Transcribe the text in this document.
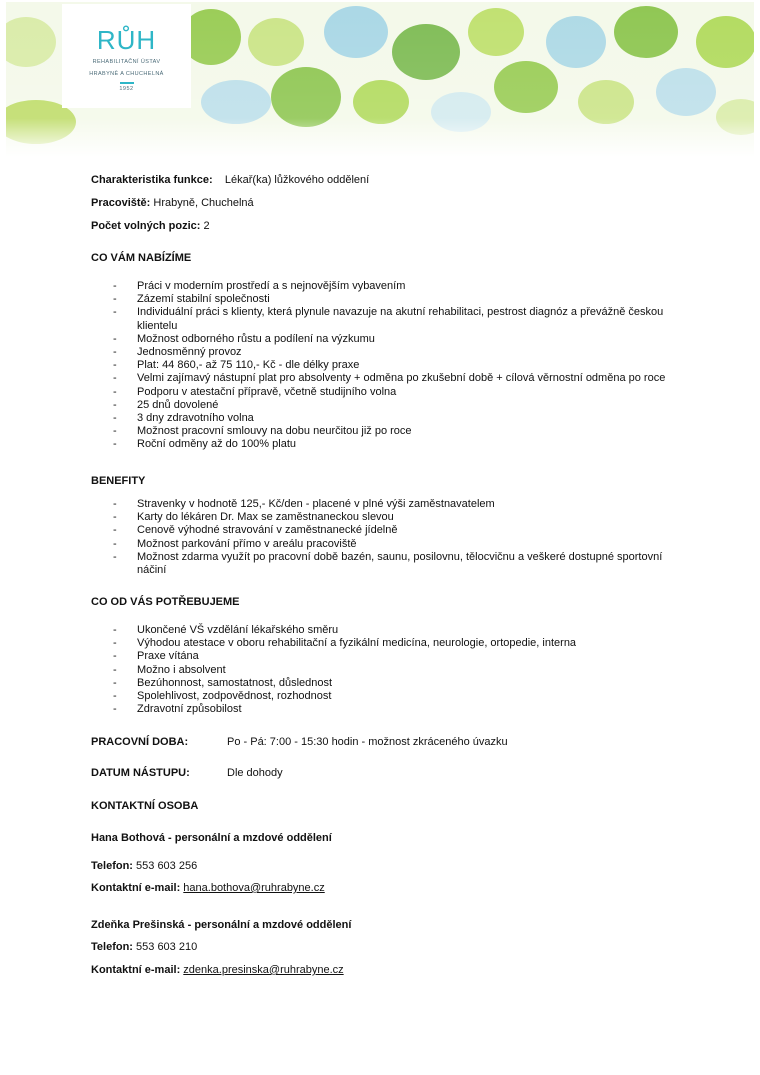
RŮH
REHABILITAČNÍ ÚSTAV
HRABYNĚ A CHUCHELNÁ
1952
Charakteristika funkce: Lékař(ka) lůžkového oddělení
Pracoviště: Hrabyně, Chuchelná
Počet volných pozic: 2
CO VÁM NABÍZÍME
- Práci v moderním prostředí a s nejnovějším vybavením
- Zázemí stabilní společnosti
- Individuální práci s klienty, která plynule navazuje na akutní rehabilitaci, pestrost diagnóz a převážně českou klientelu
- Možnost odborného růstu a podílení na výzkumu
- Jednosměnný provoz
- Plat: 44 860,- až 75 110,- Kč - dle délky praxe
- Velmi zajímavý nástupní plat pro absolventy + odměna po zkušební době + cílová věrnostní odměna po roce
- Podporu v atestační přípravě, včetně studijního volna
- 25 dnů dovolené
- 3 dny zdravotního volna
- Možnost pracovní smlouvy na dobu neurčitou již po roce
- Roční odměny až do 100% platu
BENEFITY
- Stravenky v hodnotě 125,- Kč/den - placené v plné výši zaměstnavatelem
- Karty do lékáren Dr. Max se zaměstnaneckou slevou
- Cenově výhodné stravování v zaměstnanecké jídelně
- Možnost parkování přímo v areálu pracoviště
- Možnost zdarma využít po pracovní době bazén, saunu, posilovnu, tělocvičnu a veškeré dostupné sportovní náčiní
CO OD VÁS POTŘEBUJEME
- Ukončené VŠ vzdělání lékařského směru
- Výhodou atestace v oboru rehabilitační a fyzikální medicína, neurologie, ortopedie, interna
- Praxe vítána
- Možno i absolvent
- Bezúhonnost, samostatnost, důslednost
- Spolehlivost, zodpovědnost, rozhodnost
- Zdravotní způsobilost
PRACOVNÍ DOBA:	Po - Pá: 7:00 - 15:30 hodin - možnost zkráceného úvazku
DATUM NÁSTUPU:	Dle dohody
KONTAKTNÍ OSOBA
Hana Bothová - personální a mzdové oddělení
Telefon: 553 603 256
Kontaktní e-mail: hana.bothova@ruhrabyne.cz
Zdeňka Prešinská - personální a mzdové oddělení
Telefon: 553 603 210
Kontaktní e-mail: zdenka.presinska@ruhrabyne.cz
